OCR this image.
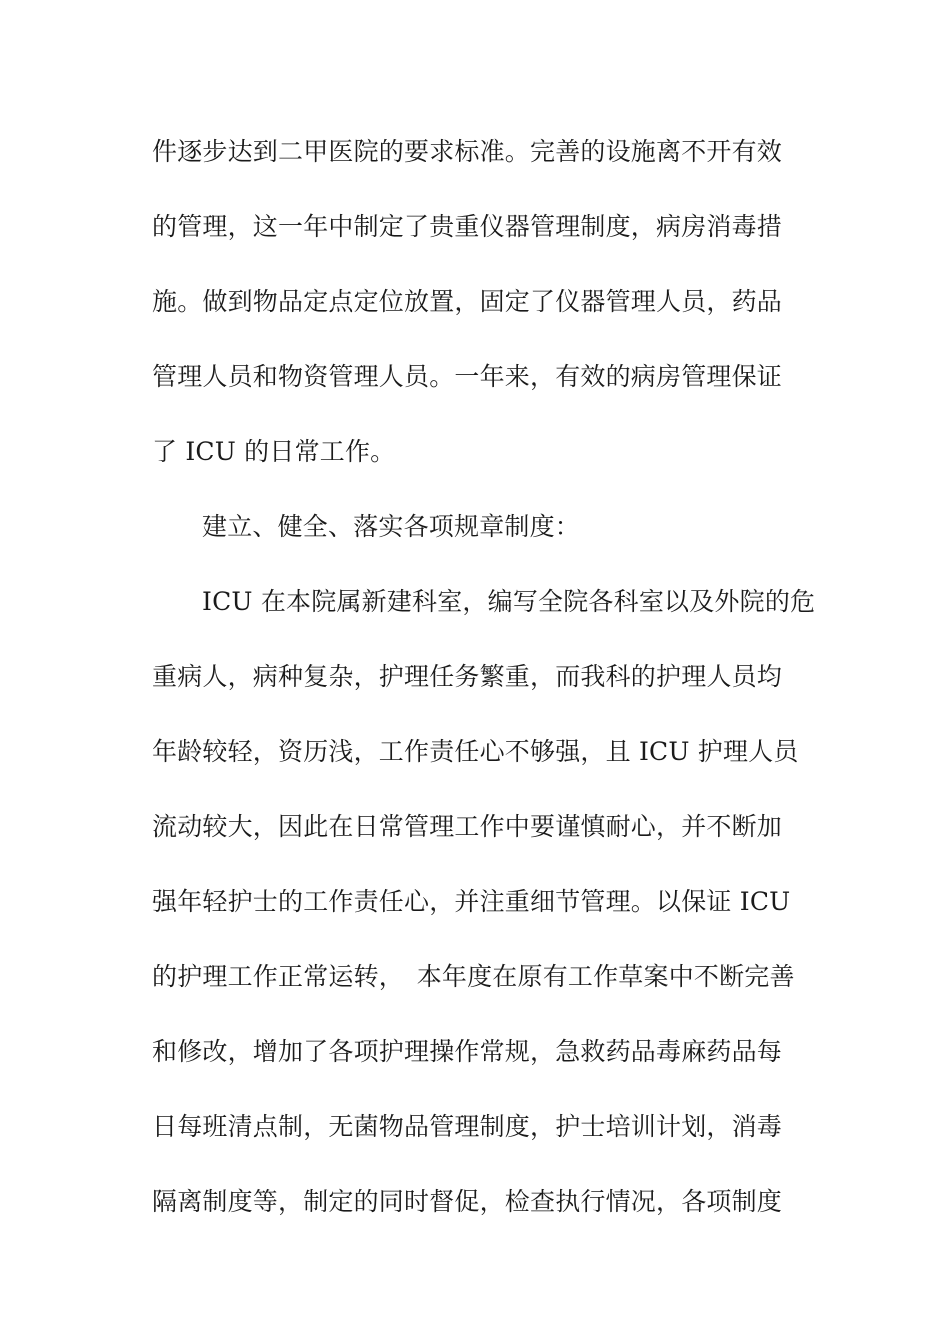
件逐步达到二甲医院的要求标准。完善的设施离不开有效
的管理，这一年中制定了贵重仪器管理制度，病房消毒措
施。做到物品定点定位放置，固定了仪器管理人员，药品
管理人员和物资管理人员。一年来，有效的病房管理保证
了 ICU 的日常工作。
建立、健全、落实各项规章制度：
ICU 在本院属新建科室，编写全院各科室以及外院的危
重病人，病种复杂，护理任务繁重，而我科的护理人员均
年龄较轻，资历浅，工作责任心不够强，且 ICU 护理人员
流动较大，因此在日常管理工作中要谨慎耐心，并不断加
强年轻护士的工作责任心，并注重细节管理。以保证 ICU
的护理工作正常运转，　本年度在原有工作草案中不断完善
和修改，增加了各项护理操作常规，急救药品毒麻药品每
日每班清点制，无菌物品管理制度，护士培训计划，消毒
隔离制度等，制定的同时督促，检查执行情况，各项制度
